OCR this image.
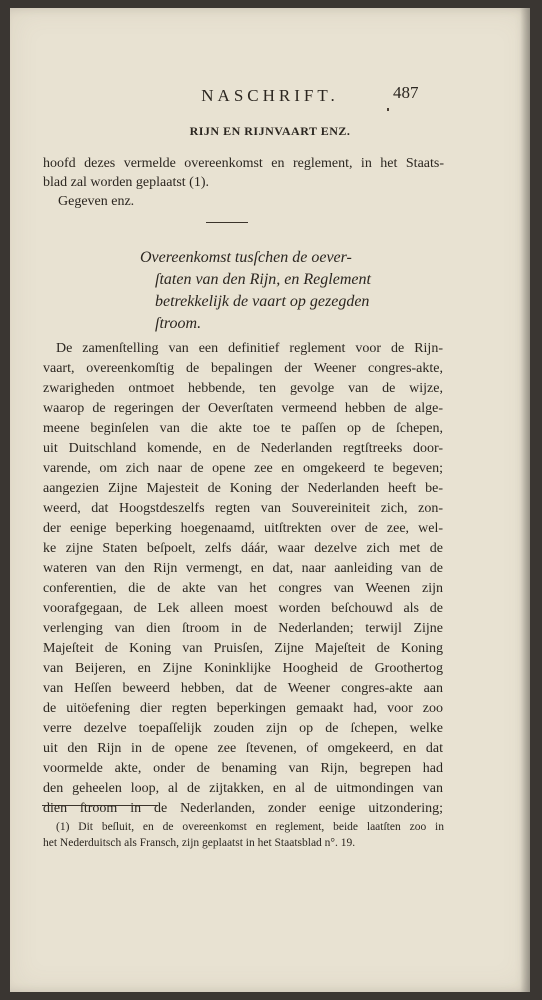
NASCHRIFT.	487
RIJN EN RIJNVAART ENZ.
hoofd dezes vermelde overeenkomst en reglement, in het Staats-
blad zal worden geplaatst (1).
Gegeven enz.
Overeenkomst tusſchen de oever-
ſtaten van den Rijn, en Reglement
betrekkelijk de vaart op gezegden
ſtroom.
De zamenſtelling van een definitief reglement voor de Rijn-
vaart, overeenkomſtig de bepalingen der Weener congres-akte,
zwarigheden ontmoet hebbende, ten gevolge van de wijze,
waarop de regeringen der Oeverſtaten vermeend hebben de alge-
meene beginſelen van die akte toe te paſſen op de ſchepen,
uit Duitschland komende, en de Nederlanden regtſtreeks door-
varende, om zich naar de opene zee en omgekeerd te begeven;
aangezien Zijne Majesteit de Koning der Nederlanden heeft be-
weerd, dat Hoogstdeszelfs regten van Souvereiniteit zich, zon-
der eenige beperking hoegenaamd, uitſtrekten over de zee, wel-
ke zijne Staten beſpoelt, zelfs dáár, waar dezelve zich met de
wateren van den Rijn vermengt, en dat, naar aanleiding van de
conferentien, die de akte van het congres van Weenen zijn
voorafgegaan, de Lek alleen moest worden beſchouwd als de
verlenging van dien ſtroom in de Nederlanden; terwijl Zijne
Majeſteit de Koning van Pruisſen, Zijne Majeſteit de Koning
van Beijeren, en Zijne Koninklijke Hoogheid de Groothertog
van Heſſen beweerd hebben, dat de Weener congres-akte aan
de uitöefening dier regten beperkingen gemaakt had, voor zoo
verre dezelve toepaſſelijk zouden zijn op de ſchepen, welke
uit den Rijn in de opene zee ſtevenen, of omgekeerd, en dat
voormelde akte, onder de benaming van Rijn, begrepen had
den geheelen loop, al de zijtakken, en al de uitmondingen van
dien ſtroom in de Nederlanden, zonder eenige uitzondering;
(1) Dit beſluit, en de overeenkomst en reglement, beide laatſten zoo in
het Nederduitsch als Fransch, zijn geplaatst in het Staatsblad n°. 19.
